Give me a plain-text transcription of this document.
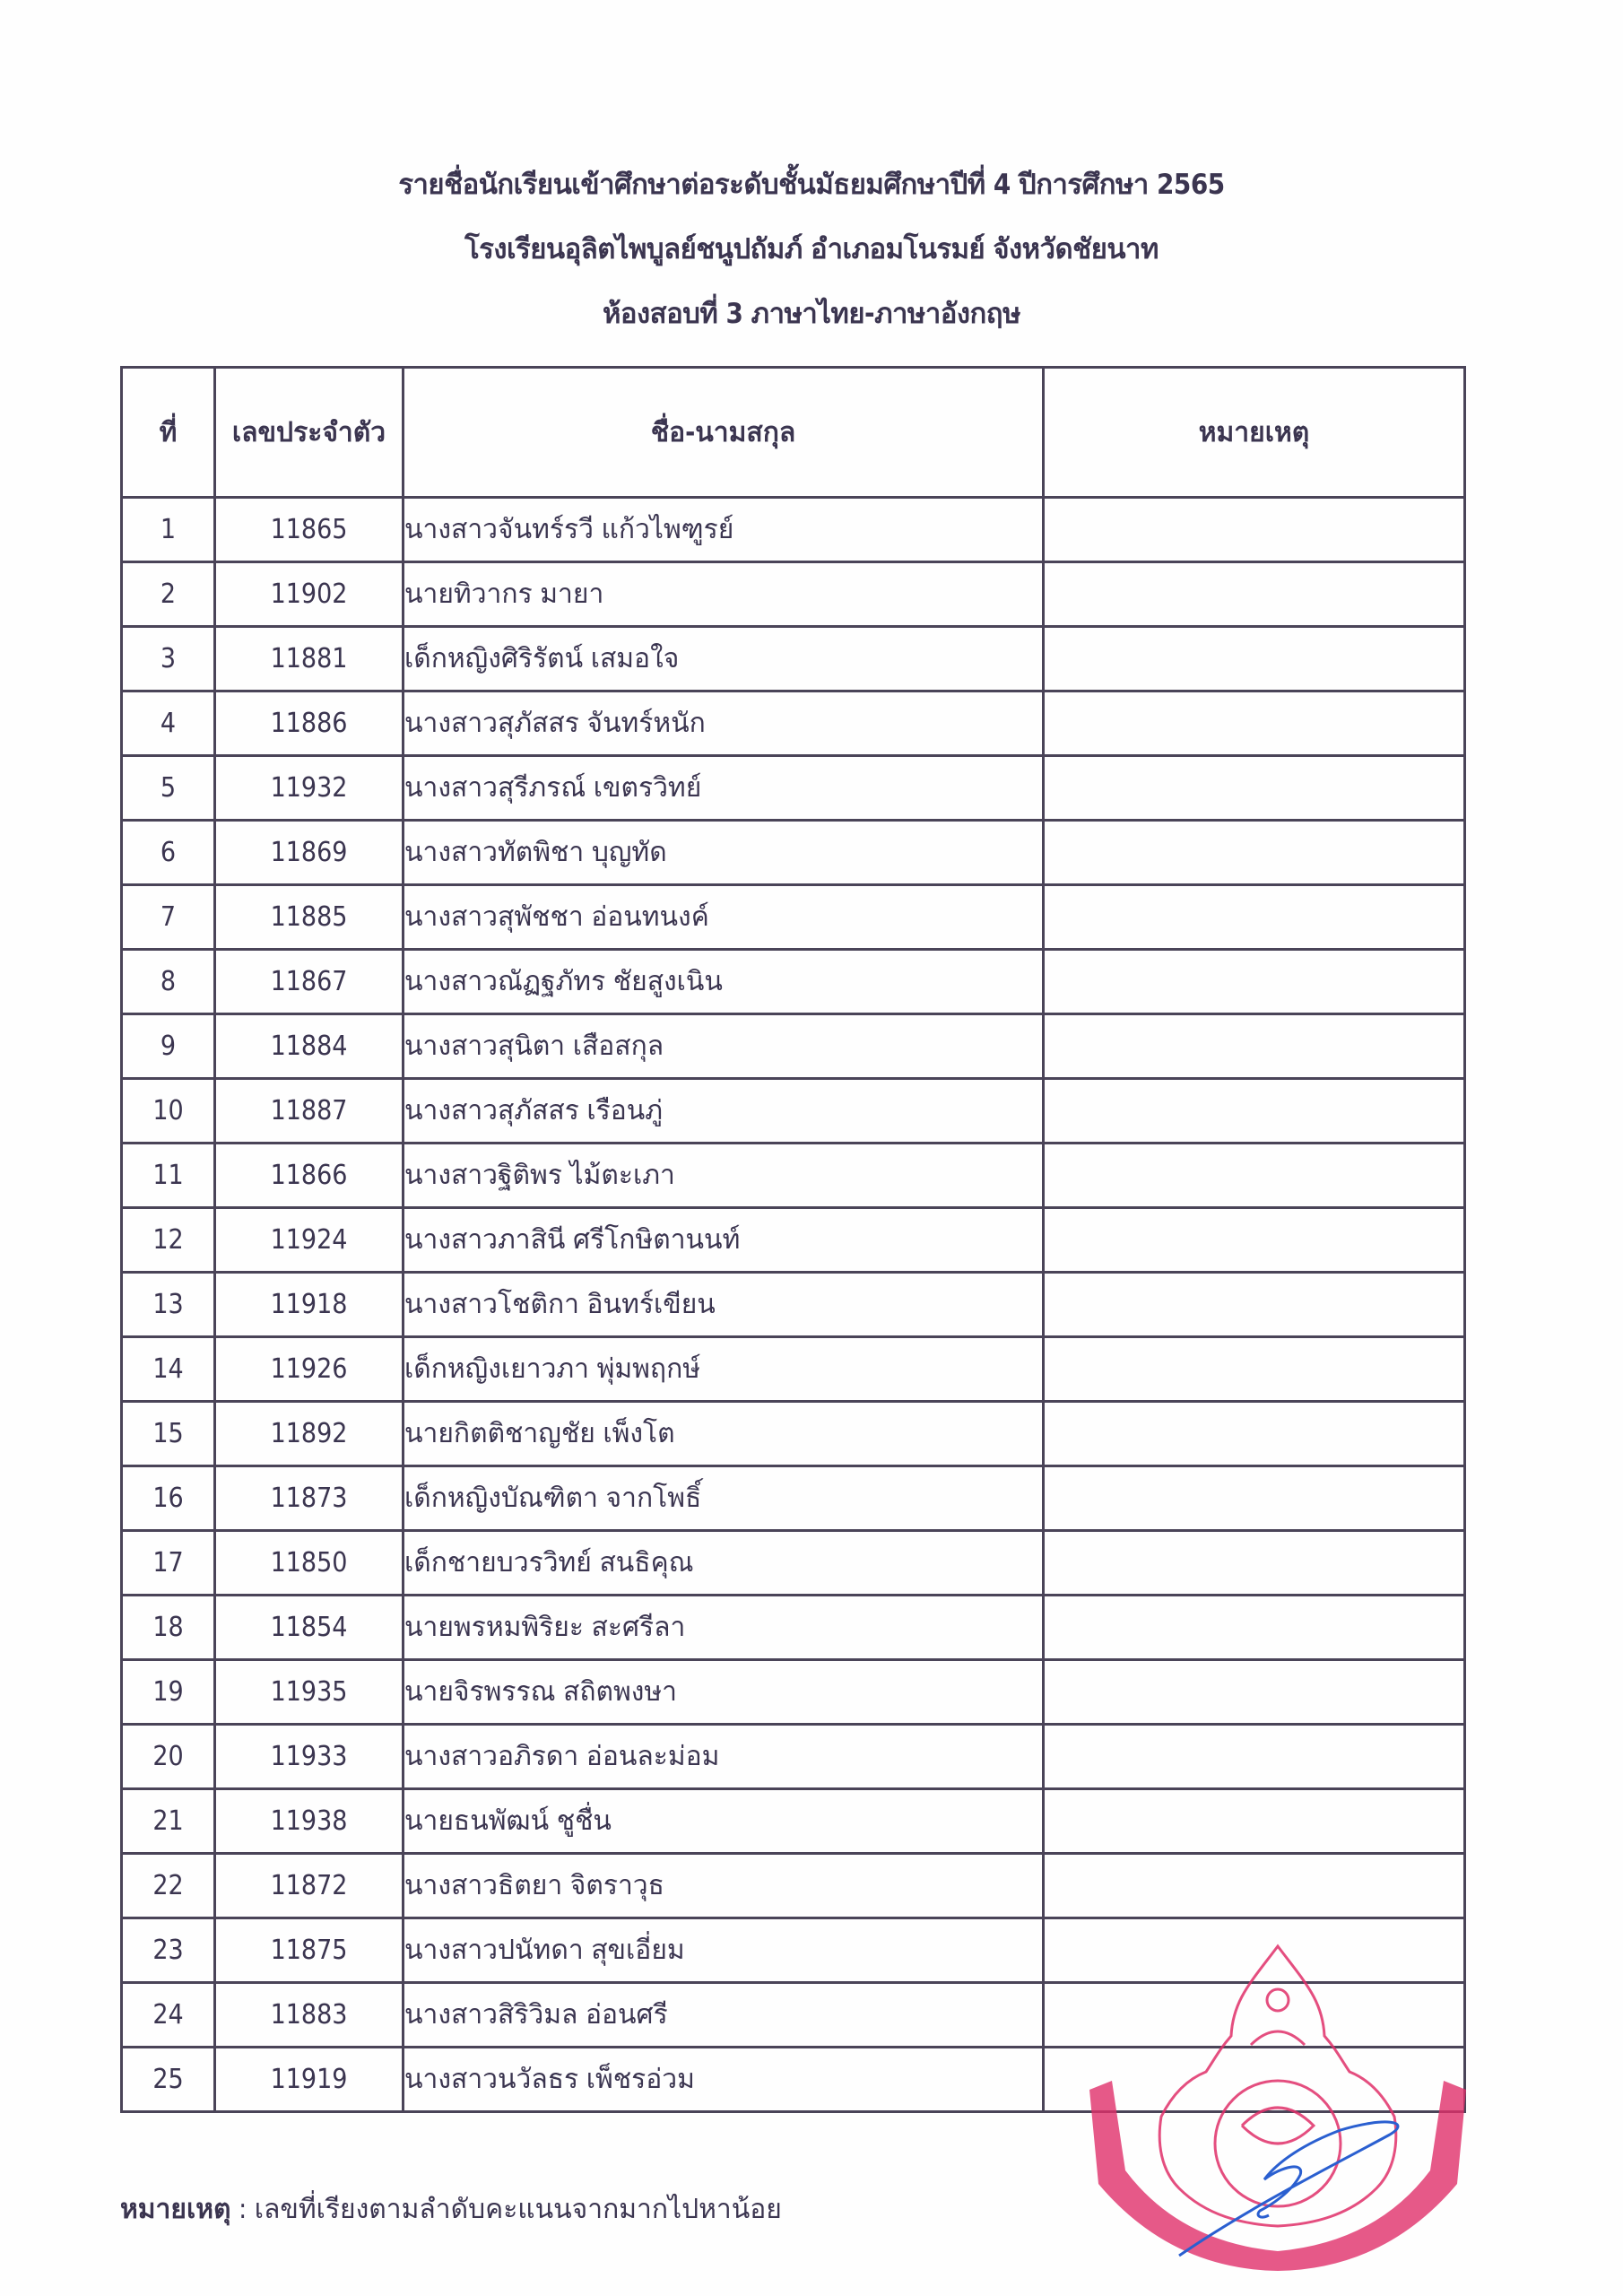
รายชื่อนักเรียนเข้าศึกษาต่อระดับชั้นมัธยมศึกษาปีที่ 4 ปีการศึกษา 2565
โรงเรียนอุลิตไพบูลย์ชนูปถัมภ์ อำเภอมโนรมย์ จังหวัดชัยนาท
ห้องสอบที่ 3 ภาษาไทย-ภาษาอังกฤษ
ที่	เลขประจำตัว	ชื่อ-นามสกุล	หมายเหตุ
1	11865	นางสาวจันทร์รวี แก้วไพฑูรย์	
2	11902	นายทิวากร มายา	
3	11881	เด็กหญิงศิริรัตน์ เสมอใจ	
4	11886	นางสาวสุภัสสร จันทร์หนัก	
5	11932	นางสาวสุรีภรณ์ เขตรวิทย์	
6	11869	นางสาวทัตพิชา บุญทัด	
7	11885	นางสาวสุพัชชา อ่อนทนงค์	
8	11867	นางสาวณัฏฐภัทร ชัยสูงเนิน	
9	11884	นางสาวสุนิตา เสือสกุล	
10	11887	นางสาวสุภัสสร เรือนภู่	
11	11866	นางสาวฐิติพร ไม้ตะเภา	
12	11924	นางสาวภาสินี ศรีโกษิตานนท์	
13	11918	นางสาวโชติกา อินทร์เขียน	
14	11926	เด็กหญิงเยาวภา พุ่มพฤกษ์	
15	11892	นายกิตติชาญชัย เพ็งโต	
16	11873	เด็กหญิงบัณฑิตา จากโพธิ์	
17	11850	เด็กชายบวรวิทย์ สนธิคุณ	
18	11854	นายพรหมพิริยะ สะศรีลา	
19	11935	นายจิรพรรณ สถิตพงษา	
20	11933	นางสาวอภิรดา อ่อนละม่อม	
21	11938	นายธนพัฒน์ ชูชื่น	
22	11872	นางสาวธิตยา จิตราวุธ	
23	11875	นางสาวปนัทดา สุขเอี่ยม	
24	11883	นางสาวสิริวิมล อ่อนศรี	
25	11919	นางสาวนวัลธร เพ็ชรอ่วม	
หมายเหตุ : เลขที่เรียงตามลำดับคะแนนจากมากไปหาน้อย
